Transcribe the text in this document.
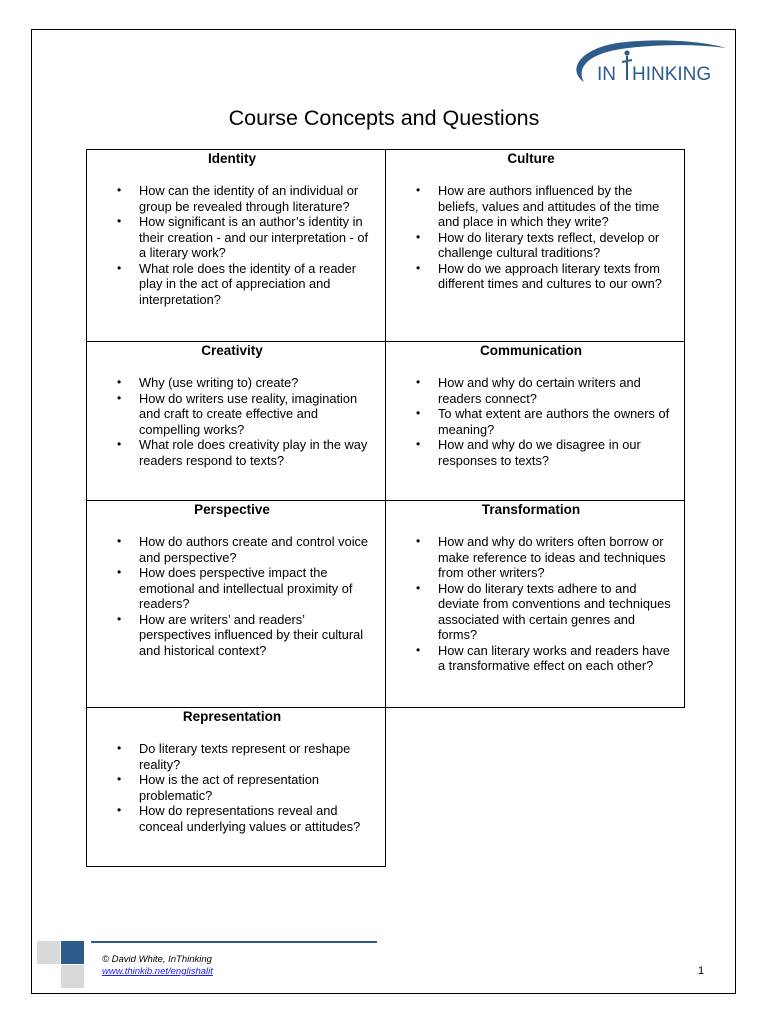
IN HINKING
Course Concepts and Questions
Identity
• How can the identity of an individual or group be revealed through literature?
• How significant is an author’s identity in their creation - and our interpretation - of a literary work?
• What role does the identity of a reader play in the act of appreciation and interpretation?
Culture
• How are authors influenced by the beliefs, values and attitudes of the time and place in which they write?
• How do literary texts reflect, develop or challenge cultural traditions?
• How do we approach literary texts from different times and cultures to our own?
Creativity
• Why (use writing to) create?
• How do writers use reality, imagination and craft to create effective and compelling works?
• What role does creativity play in the way readers respond to texts?
Communication
• How and why do certain writers and readers connect?
• To what extent are authors the owners of meaning?
• How and why do we disagree in our responses to texts?
Perspective
• How do authors create and control voice and perspective?
• How does perspective impact the emotional and intellectual proximity of readers?
• How are writers’ and readers’ perspectives influenced by their cultural and historical context?
Transformation
• How and why do writers often borrow or make reference to ideas and techniques from other writers?
• How do literary texts adhere to and deviate from conventions and techniques associated with certain genres and forms?
• How can literary works and readers have a transformative effect on each other?
Representation
• Do literary texts represent or reshape reality?
• How is the act of representation problematic?
• How do representations reveal and conceal underlying values or attitudes?
© David White, InThinking
www.thinkib.net/englishalit	1
